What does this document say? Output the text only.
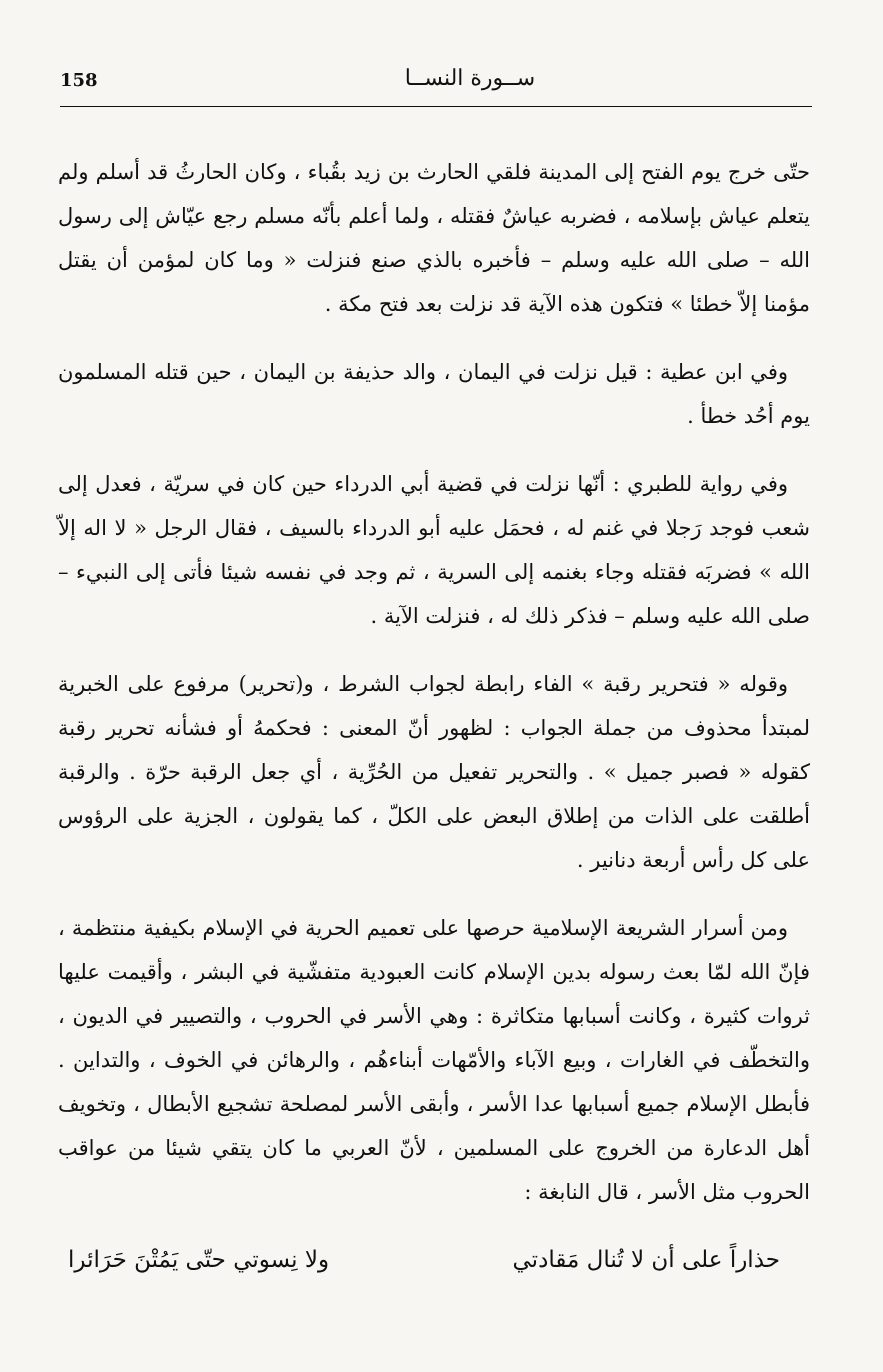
158	ســورة النســا

حتّى خرج يوم الفتح إلى المدينة فلقي الحارث بن زيد بقُباء ، وكان الحارثُ قد أسلم ولم يتعلم عياش بإسلامه ، فضربه عياشٌ فقتله ، ولما أعلم بأنّه مسلم رجع عيّاش إلى رسول الله – صلى الله عليه وسلم – فأخبره بالذي صنع فنزلت « وما كان لمؤمن أن يقتل مؤمنا إلاّ خطئا » فتكون هذه الآية قد نزلت بعد فتح مكة .

وفي ابن عطية : قيل نزلت في اليمان ، والد حذيفة بن اليمان ، حين قتله المسلمون يوم أحُد خطأ .

وفي رواية للطبري : أنّها نزلت في قضية أبي الدرداء حين كان في سريّة ، فعدل إلى شعب فوجد رَجلا في غنم له ، فحمَل عليه أبو الدرداء بالسيف ، فقال الرجل « لا اله إلاّ الله » فضربَه فقتله وجاء بغنمه إلى السرية ، ثم وجد في نفسه شيئا فأتى إلى النبيء – صلى الله عليه وسلم – فذكر ذلك له ، فنزلت الآية .

وقوله « فتحرير رقبة » الفاء رابطة لجواب الشرط ، و(تحرير) مرفوع على الخبرية لمبتدأ محذوف من جملة الجواب : لظهور أنّ المعنى : فحكمهُ أو فشأنه تحرير رقبة كقوله « فصبر جميل » . والتحرير تفعيل من الحُرِّية ، أي جعل الرقبة حرّة . والرقبة أطلقت على الذات من إطلاق البعض على الكلّ ، كما يقولون ، الجزية على الرؤوس على كل رأس أربعة دنانير .

ومن أسرار الشريعة الإسلامية حرصها على تعميم الحرية في الإسلام بكيفية منتظمة ، فإنّ الله لمّا بعث رسوله بدين الإسلام كانت العبودية متفشّية في البشر ، وأقيمت عليها ثروات كثيرة ، وكانت أسبابها متكاثرة : وهي الأسر في الحروب ، والتصيير في الديون ، والتخطّف في الغارات ، وبيع الآباء والأمّهات أبناءهُم ، والرهائن في الخوف ، والتداين . فأبطل الإسلام جميع أسبابها عدا الأسر ، وأبقى الأسر لمصلحة تشجيع الأبطال ، وتخويف أهل الدعارة من الخروج على المسلمين ، لأنّ العربي ما كان يتقي شيئا من عواقب الحروب مثل الأسر ، قال النابغة :

حذاراً على أن لا تُنال مَقادتي
ولا نِسوتي حتّى يَمُتْنَ حَرَائرا
